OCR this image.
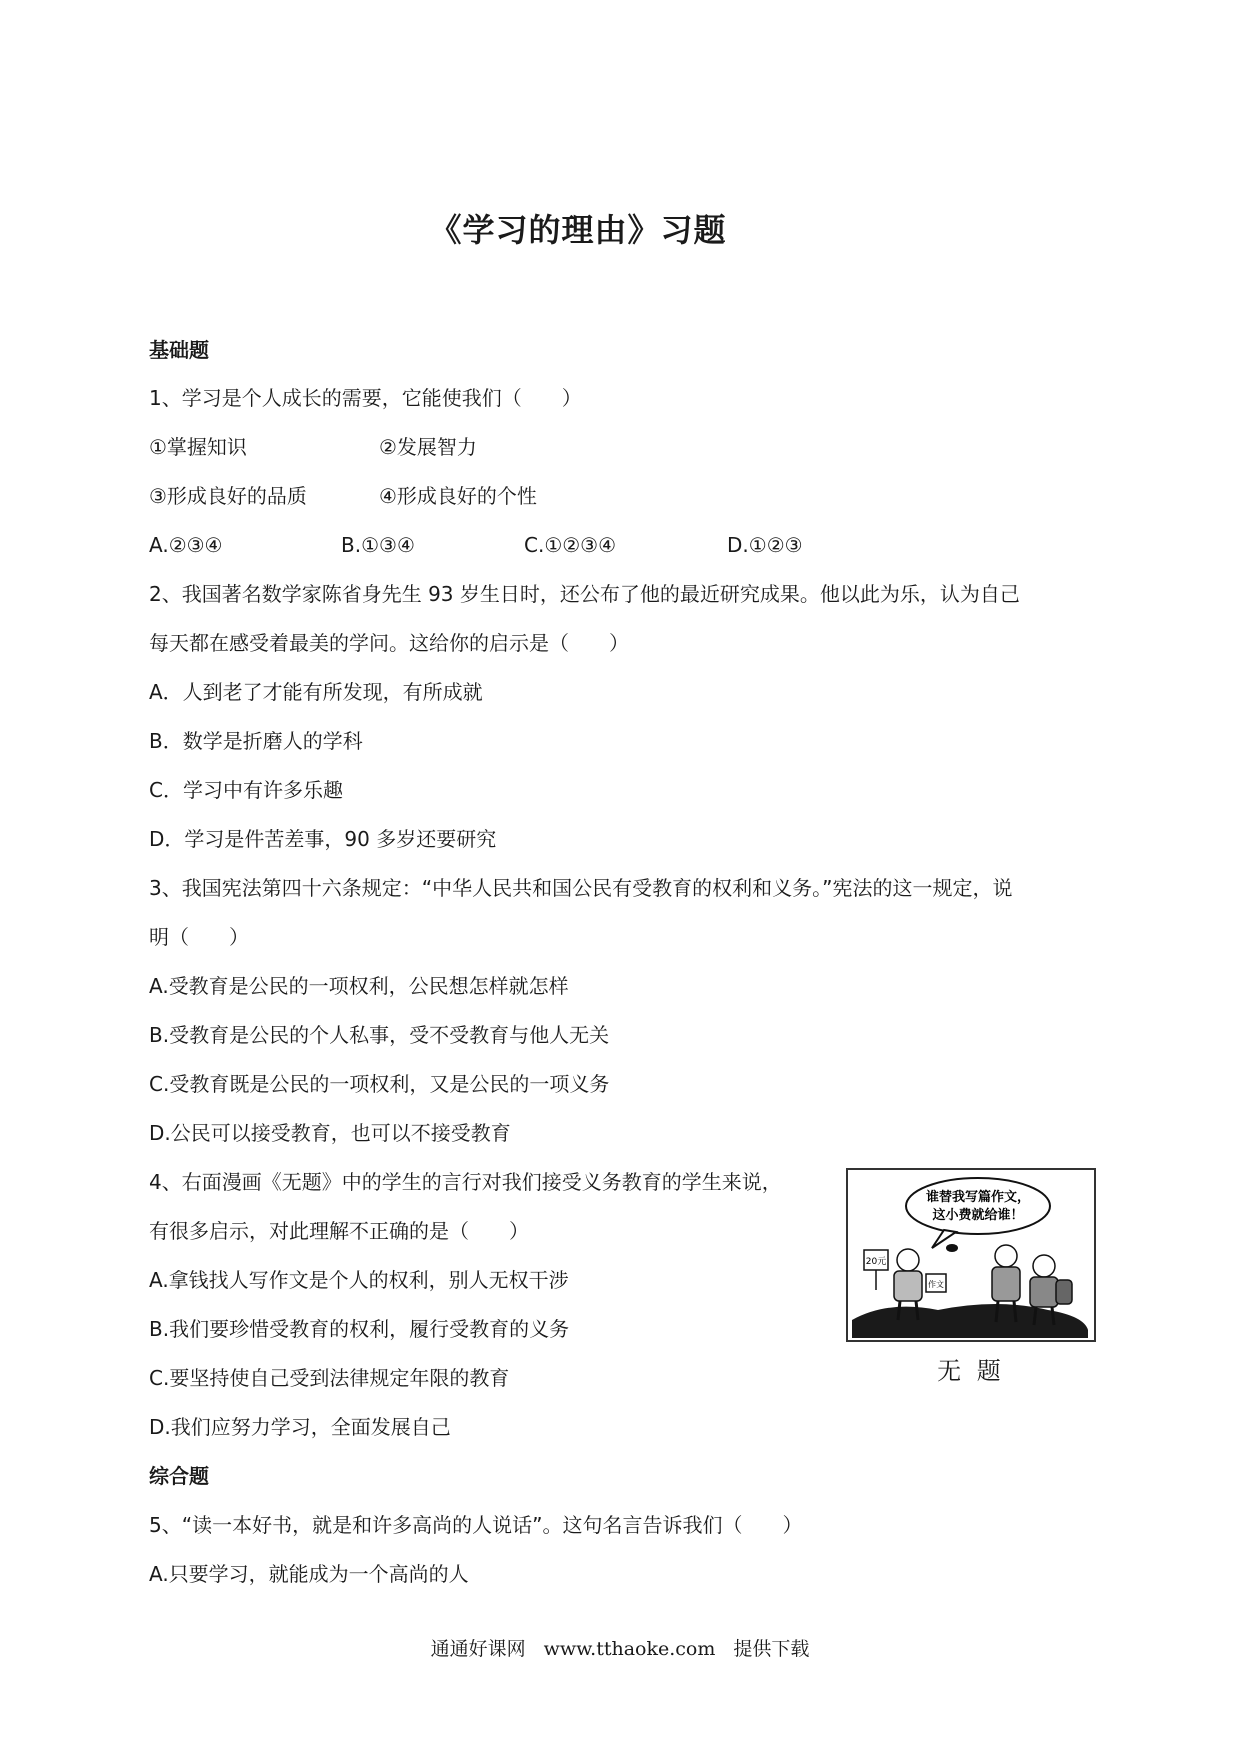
《学习的理由》习题
基础题
1、学习是个人成长的需要，它能使我们（　　）
①掌握知识	②发展智力
③形成良好的品质	④形成良好的个性
A.②③④	B.①③④	C.①②③④	D.①②③
2、我国著名数学家陈省身先生 93 岁生日时，还公布了他的最近研究成果。他以此为乐，认为自己
每天都在感受着最美的学问。这给你的启示是（　　）
A．人到老了才能有所发现，有所成就
B．数学是折磨人的学科
C．学习中有许多乐趣
D．学习是件苦差事，90 多岁还要研究
3、我国宪法第四十六条规定：“中华人民共和国公民有受教育的权利和义务。”宪法的这一规定，说
明（　　）
A.受教育是公民的一项权利，公民想怎样就怎样
B.受教育是公民的个人私事，受不受教育与他人无关
C.受教育既是公民的一项权利，又是公民的一项义务
D.公民可以接受教育，也可以不接受教育
4、右面漫画《无题》中的学生的言行对我们接受义务教育的学生来说，
有很多启示，对此理解不正确的是（　　）
A.拿钱找人写作文是个人的权利，别人无权干涉
B.我们要珍惜受教育的权利，履行受教育的义务
C.要坚持使自己受到法律规定年限的教育
D.我们应努力学习，全面发展自己
谁替我写篇作文，
这小费就给谁！
20元
作文
无 题
综合题
5、“读一本好书，就是和许多高尚的人说话”。这句名言告诉我们（　　）
A.只要学习，就能成为一个高尚的人
通通好课网 www.tthaoke.com 提供下载
